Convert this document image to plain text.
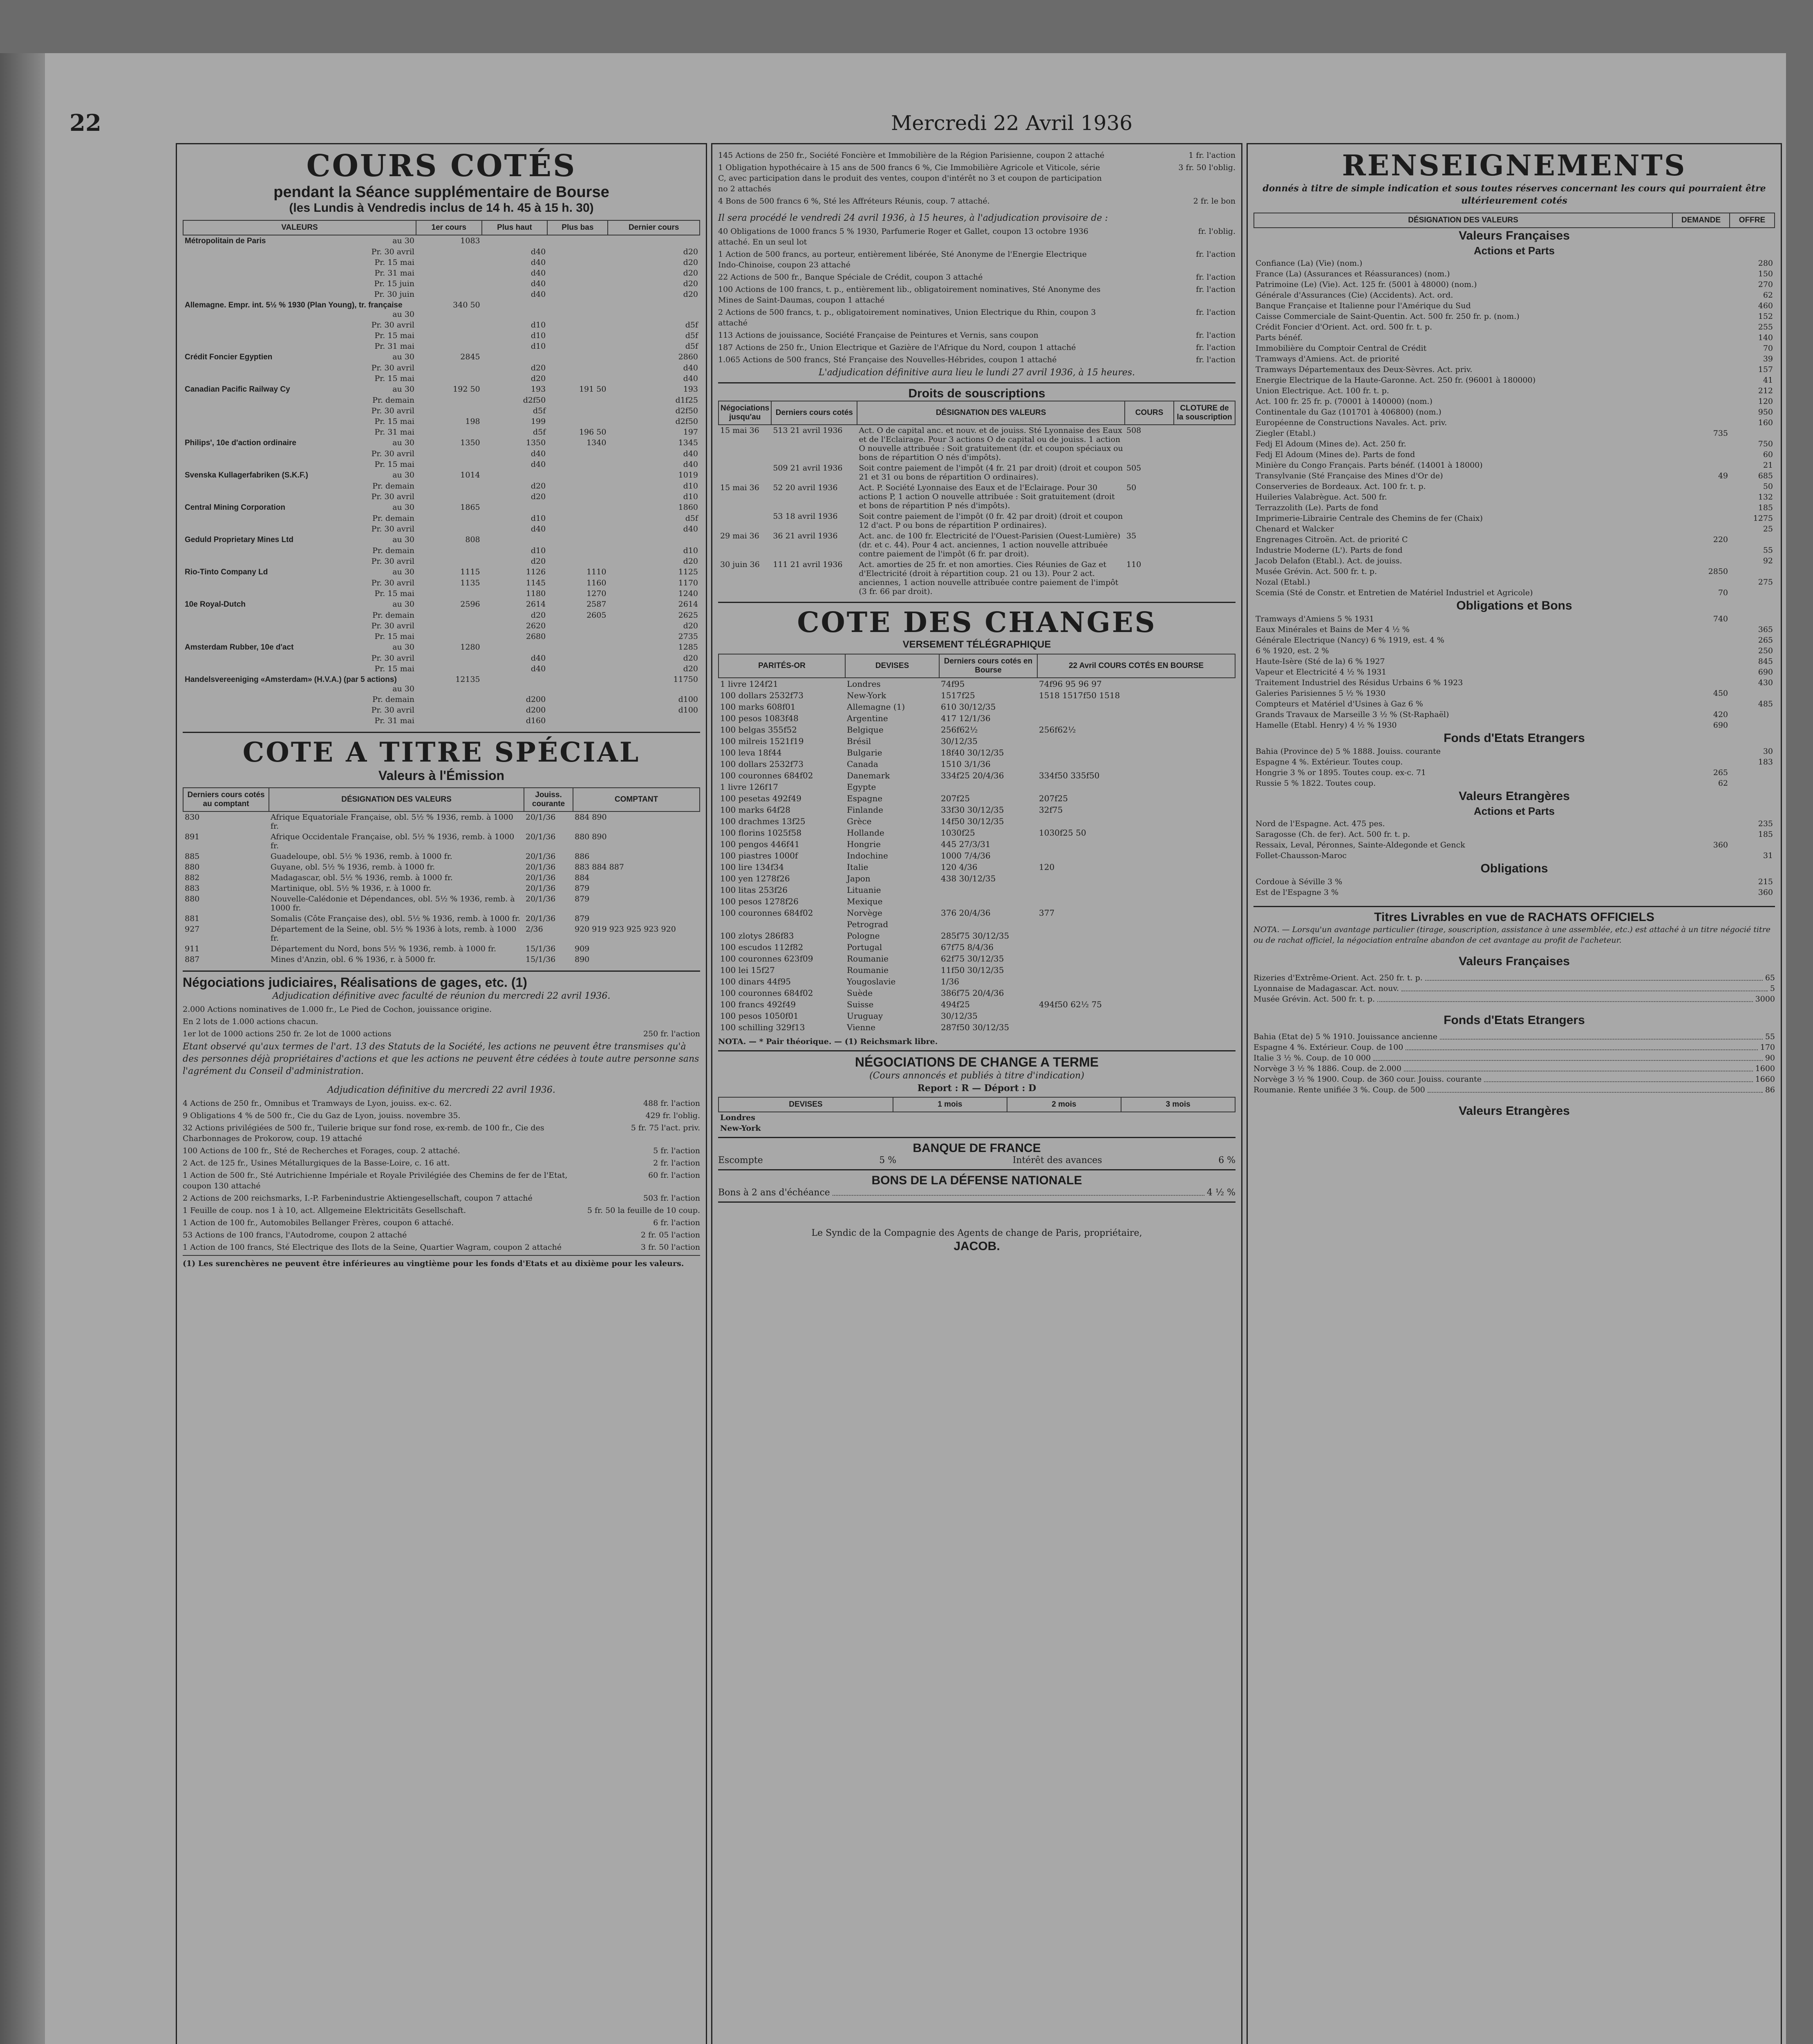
22	Mercredi 22 Avril 1936
COURS COTÉS
pendant la Séance supplémentaire de Bourse
(les Lundis à Vendredis inclus de 14 h. 45 à 15 h. 30)
VALEURS	1er cours	Plus haut	Plus bas	Dernier cours
Métropolitain de Paris au 30	1083			

Pr. 30 avril		d40		d20

Pr. 15 mai		d40		d20

Pr. 31 mai		d40		d20

Pr. 15 juin		d40		d20

Pr. 30 juin		d40		d20
Allemagne. Empr. int. 5½ % 1930 (Plan Young), tr. française
au 30	340 50			

Pr. 30 avril		d10		d5f

Pr. 15 mai		d10		d5f

Pr. 31 mai		d10		d5f
Crédit Foncier Egyptien au 30	2845			2860

Pr. 30 avril		d20		d40

Pr. 15 mai		d20		d40
Canadian Pacific Railway Cy au 30	192 50	193	191 50	193

Pr. demain		d2f50		d1f25

Pr. 30 avril		d5f		d2f50

Pr. 15 mai	198	199		d2f50

Pr. 31 mai		d5f	196 50	197
Philips', 10e d'action ordinaire au 30	1350	1350	1340	1345

Pr. 30 avril		d40		d40

Pr. 15 mai		d40		d40
Svenska Kullagerfabriken (S.K.F.) au 30	1014			1019

Pr. demain		d20		d10

Pr. 30 avril		d20		d10
Central Mining Corporation au 30	1865			1860

Pr. demain		d10		d5f

Pr. 30 avril		d40		d40
Geduld Proprietary Mines Ltd au 30	808			

Pr. demain		d10		d10

Pr. 30 avril		d20		d20
Rio-Tinto Company Ld au 30	1115	1126	1110	1125

Pr. 30 avril	1135	1145	1160	1170

Pr. 15 mai		1180	1270	1240
10e Royal-Dutch au 30	2596	2614	2587	2614

Pr. demain		d20	2605	2625

Pr. 30 avril		2620		d20

Pr. 15 mai		2680		2735
Amsterdam Rubber, 10e d'act au 30	1280			1285

Pr. 30 avril		d40		d20

Pr. 15 mai		d40		d20
Handelsvereeniging «Amsterdam» (H.V.A.) (par 5 actions)
au 30	12135			11750

Pr. demain		d200		d100

Pr. 30 avril		d200		d100

Pr. 31 mai		d160		
COTE A TITRE SPÉCIAL
Valeurs à l'Émission
Derniers cours cotés au comptant	DÉSIGNATION DES VALEURS	Jouiss. courante	COMPTANT
830	Afrique Equatoriale Française, obl. 5½ % 1936, remb. à 1000 fr.	20/1/36	884 890
891	Afrique Occidentale Française, obl. 5½ % 1936, remb. à 1000 fr.	20/1/36	880 890
885	Guadeloupe, obl. 5½ % 1936, remb. à 1000 fr.	20/1/36	886
880	Guyane, obl. 5½ % 1936, remb. à 1000 fr.	20/1/36	883 884 887
882	Madagascar, obl. 5½ % 1936, remb. à 1000 fr.	20/1/36	884
883	Martinique, obl. 5½ % 1936, r. à 1000 fr.	20/1/36	879
880	Nouvelle-Calédonie et Dépendances, obl. 5½ % 1936, remb. à 1000 fr.	20/1/36	879
881	Somalis (Côte Française des), obl. 5½ % 1936, remb. à 1000 fr.	20/1/36	879
927	Département de la Seine, obl. 5½ % 1936 à lots, remb. à 1000 fr.	2/36	920 919 923 925 923 920
911	Département du Nord, bons 5½ % 1936, remb. à 1000 fr.	15/1/36	909
887	Mines d'Anzin, obl. 6 % 1936, r. à 5000 fr.	15/1/36	890
Négociations judiciaires, Réalisations de gages, etc. (1)
Adjudication définitive avec faculté de réunion du mercredi 22 avril 1936.
2.000 Actions nominatives de 1.000 fr., Le Pied de Cochon, jouissance origine.
En 2 lots de 1.000 actions chacun.
1er lot de 1000 actions 250 fr. 2e lot de 1000 actions	250 fr. l'action
Etant observé qu'aux termes de l'art. 13 des Statuts de la Société, les actions ne peuvent être transmises qu'à des personnes déjà propriétaires d'actions et que les actions ne peuvent être cédées à toute autre personne sans l'agrément du Conseil d'administration.
Adjudication définitive du mercredi 22 avril 1936.
4 Actions de 250 fr., Omnibus et Tramways de Lyon, jouiss. ex-c. 62.	488 fr. l'action
9 Obligations 4 % de 500 fr., Cie du Gaz de Lyon, jouiss. novembre 35.	429 fr. l'oblig.
32 Actions privilégiées de 500 fr., Tuilerie brique sur fond rose, ex-remb. de 100 fr., Cie des Charbonnages de Prokorow, coup. 19 attaché
5 fr. 75 l'act. priv.
100 Actions de 100 fr., Sté de Recherches et Forages, coup. 2 attaché.	5 fr. l'action
2 Act. de 125 fr., Usines Métallurgiques de la Basse-Loire, c. 16 att.	2 fr. l'action
1 Action de 500 fr., Sté Autrichienne Impériale et Royale Privilégiée des Chemins de fer de l'Etat, coupon 130 attaché
60 fr. l'action
2 Actions de 200 reichsmarks, I.-P. Farbenindustrie Aktiengesellschaft, coupon 7 attaché	503 fr. l'action
1 Feuille de coup. nos 1 à 10, act. Allgemeine Elektricitäts Gesellschaft.	5 fr. 50 la feuille de 10 coup.
1 Action de 100 fr., Automobiles Bellanger Frères, coupon 6 attaché.	6 fr. l'action
53 Actions de 100 francs, l'Autodrome, coupon 2 attaché	2 fr. 05 l'action
1 Action de 100 francs, Sté Electrique des Ilots de la Seine, Quartier Wagram, coupon 2 attaché	3 fr. 50 l'action
(1) Les surenchères ne peuvent être inférieures au vingtième pour les fonds d'Etats et au dixième pour les valeurs.
145 Actions de 250 fr., Société Foncière et Immobilière de la Région Parisienne, coupon 2 attaché	1 fr. l'action
1 Obligation hypothécaire à 15 ans de 500 francs 6 %, Cie Immobilière Agricole et Viticole, série C, avec participation dans le produit des ventes, coupon d'intérêt no 3 et coupon de participation no 2 attachés
3 fr. 50 l'oblig.
4 Bons de 500 francs 6 %, Sté les Affréteurs Réunis, coup. 7 attaché.	2 fr. le bon
Il sera procédé le vendredi 24 avril 1936, à 15 heures, à l'adjudication provisoire de :
40 Obligations de 1000 francs 5 % 1930, Parfumerie Roger et Gallet, coupon 13 octobre 1936 attaché. En un seul lot
fr. l'oblig.
1 Action de 500 francs, au porteur, entièrement libérée, Sté Anonyme de l'Energie Electrique Indo-Chinoise, coupon 23 attaché
fr. l'action
22 Actions de 500 fr., Banque Spéciale de Crédit, coupon 3 attaché	fr. l'action
100 Actions de 100 francs, t. p., entièrement lib., obligatoirement nominatives, Sté Anonyme des Mines de Saint-Daumas, coupon 1 attaché
fr. l'action
2 Actions de 500 francs, t. p., obligatoirement nominatives, Union Electrique du Rhin, coupon 3 attaché
fr. l'action
113 Actions de jouissance, Société Française de Peintures et Vernis, sans coupon	fr. l'action
187 Actions de 250 fr., Union Electrique et Gazière de l'Afrique du Nord, coupon 1 attaché	fr. l'action
1.065 Actions de 500 francs, Sté Française des Nouvelles-Hébrides, coupon 1 attaché	fr. l'action
L'adjudication définitive aura lieu le lundi 27 avril 1936, à 15 heures.
Droits de souscriptions
Négociations jusqu'au	Derniers cours cotés	DÉSIGNATION DES VALEURS	COURS	CLOTURE de la souscription
15 mai 36	513 21 avril 1936	Act. O de capital anc. et nouv. et de jouiss. Sté Lyonnaise des Eaux et de l'Eclairage. Pour 3 actions O de capital ou de jouiss. 1 action O nouvelle attribuée : Soit gratuitement (dr. et coupon spéciaux ou bons de répartition O nés d'impôts).	508	
	509 21 avril 1936	Soit contre paiement de l'impôt (4 fr. 21 par droit) (droit et coupon 21 et 31 ou bons de répartition O ordinaires).	505	
15 mai 36	52 20 avril 1936	Act. P. Société Lyonnaise des Eaux et de l'Eclairage. Pour 30 actions P, 1 action O nouvelle attribuée : Soit gratuitement (droit et bons de répartition P nés d'impôts).	50	
	53 18 avril 1936	Soit contre paiement de l'impôt (0 fr. 42 par droit) (droit et coupon 12 d'act. P ou bons de répartition P ordinaires).		
29 mai 36	36 21 avril 1936	Act. anc. de 100 fr. Electricité de l'Ouest-Parisien (Ouest-Lumière) (dr. et c. 44). Pour 4 act. anciennes, 1 action nouvelle attribuée contre paiement de l'impôt (6 fr. par droit).	35	
30 juin 36	111 21 avril 1936	Act. amorties de 25 fr. et non amorties. Cies Réunies de Gaz et d'Electricité (droit à répartition coup. 21 ou 13). Pour 2 act. anciennes, 1 action nouvelle attribuée contre paiement de l'impôt (3 fr. 66 par droit).	110	
COTE DES CHANGES
VERSEMENT TÉLÉGRAPHIQUE
PARITÉS-OR	DEVISES	Derniers cours cotés en Bourse	22 Avril COURS COTÉS EN BOURSE
1 livre 124f21	Londres	74f95	74f96 95 96 97
100 dollars 2532f73	New-York	1517f25	1518 1517f50 1518
100 marks 608f01	Allemagne (1)	610 30/12/35	
100 pesos 1083f48	Argentine	417 12/1/36	
100 belgas 355f52	Belgique	256f62½	256f62½
100 milreis 1521f19	Brésil	30/12/35	
100 leva 18f44	Bulgarie	18f40 30/12/35	
100 dollars 2532f73	Canada	1510 3/1/36	
100 couronnes 684f02	Danemark	334f25 20/4/36	334f50 335f50
1 livre 126f17	Egypte		
100 pesetas 492f49	Espagne	207f25	207f25
100 marks 64f28	Finlande	33f30 30/12/35	32f75
100 drachmes 13f25	Grèce	14f50 30/12/35	
100 florins 1025f58	Hollande	1030f25	1030f25 50
100 pengos 446f41	Hongrie	445 27/3/31	
100 piastres 1000f	Indochine	1000 7/4/36	
100 lire 134f34	Italie	120 4/36	120
100 yen 1278f26	Japon	438 30/12/35	
100 litas 253f26	Lituanie		
100 pesos 1278f26	Mexique		
100 couronnes 684f02	Norvège	376 20/4/36	377
	Petrograd		
100 zlotys 286f83	Pologne	285f75 30/12/35	
100 escudos 112f82	Portugal	67f75 8/4/36	
100 couronnes 623f09	Roumanie	62f75 30/12/35	
100 lei 15f27	Roumanie	11f50 30/12/35	
100 dinars 44f95	Yougoslavie	1/36	
100 couronnes 684f02	Suède	386f75 20/4/36	
100 francs 492f49	Suisse	494f25	494f50 62½ 75
100 pesos 1050f01	Uruguay	30/12/35	
100 schilling 329f13	Vienne	287f50 30/12/35	
NOTA. — * Pair théorique. — (1) Reichsmark libre.
NÉGOCIATIONS DE CHANGE A TERME
(Cours annoncés et publiés à titre d'indication)
Report : R — Déport : D
DEVISES	1 mois	2 mois	3 mois
Londres			
New-York			
BANQUE DE FRANCE
Escompte	5 %	Intérêt des avances	6 %
BONS DE LA DÉFENSE NATIONALE
Bons à 2 ans d'échéance	4 ½ %
Le Syndic de la Compagnie des Agents de change de Paris, propriétaire,
JACOB.
RENSEIGNEMENTS
donnés à titre de simple indication et sous toutes réserves concernant les cours qui pourraient être ultérieurement cotés
DÉSIGNATION DES VALEURS	DEMANDE	OFFRE
Valeurs Françaises		
Actions et Parts		
Confiance (La) (Vie) (nom.)		280
France (La) (Assurances et Réassurances) (nom.)		150
Patrimoine (Le) (Vie). Act. 125 fr. (5001 à 48000) (nom.)		270
Générale d'Assurances (Cie) (Accidents). Act. ord.		62
Banque Française et Italienne pour l'Amérique du Sud		460
Caisse Commerciale de Saint-Quentin. Act. 500 fr. 250 fr. p. (nom.)		152
Crédit Foncier d'Orient. Act. ord. 500 fr. t. p.		255
Parts bénéf.		140
Immobilière du Comptoir Central de Crédit		70
Tramways d'Amiens. Act. de priorité		39
Tramways Départementaux des Deux-Sèvres. Act. priv.		157
Energie Electrique de la Haute-Garonne. Act. 250 fr. (96001 à 180000)		41
Union Electrique. Act. 100 fr. t. p.		212
Act. 100 fr. 25 fr. p. (70001 à 140000) (nom.)		120
Continentale du Gaz (101701 à 406800) (nom.)		950
Européenne de Constructions Navales. Act. priv.		160
Ziegler (Etabl.)	735	
Fedj El Adoum (Mines de). Act. 250 fr.		750
Fedj El Adoum (Mines de). Parts de fond		60
Minière du Congo Français. Parts bénéf. (14001 à 18000)		21
Transylvanie (Sté Française des Mines d'Or de)	49	685
Conserveries de Bordeaux. Act. 100 fr. t. p.		50
Huileries Valabrègue. Act. 500 fr.		132
Terrazzolith (Le). Parts de fond		185
Imprimerie-Librairie Centrale des Chemins de fer (Chaix)		1275
Chenard et Walcker		25
Engrenages Citroën. Act. de priorité C	220	
Industrie Moderne (L'). Parts de fond		55
Jacob Delafon (Etabl.). Act. de jouiss.		92
Musée Grévin. Act. 500 fr. t. p.	2850	
Nozal (Etabl.)		275
Scemia (Sté de Constr. et Entretien de Matériel Industriel et Agricole)	70	
Obligations et Bons		
Tramways d'Amiens 5 % 1931	740	
Eaux Minérales et Bains de Mer 4 ½ %		365
Générale Electrique (Nancy) 6 % 1919, est. 4 %		265
6 % 1920, est. 2 %		250
Haute-Isère (Sté de la) 6 % 1927		845
Vapeur et Electricité 4 ½ % 1931		690
Traitement Industriel des Résidus Urbains 6 % 1923		430
Galeries Parisiennes 5 ½ % 1930	450	
Compteurs et Matériel d'Usines à Gaz 6 %		485
Grands Travaux de Marseille 3 ½ % (St-Raphaël)	420	
Hamelle (Etabl. Henry) 4 ½ % 1930	690	
Fonds d'Etats Etrangers		
Bahia (Province de) 5 % 1888. Jouiss. courante		30
Espagne 4 %. Extérieur. Toutes coup.		183
Hongrie 3 % or 1895. Toutes coup. ex-c. 71	265	
Russie 5 % 1822. Toutes coup.	62	
Valeurs Etrangères		
Actions et Parts		
Nord de l'Espagne. Act. 475 pes.		235
Saragosse (Ch. de fer). Act. 500 fr. t. p.		185
Ressaix, Leval, Péronnes, Sainte-Aldegonde et Genck	360	
Follet-Chausson-Maroc		31
Obligations		
Cordoue à Séville 3 %		215
Est de l'Espagne 3 %		360
Titres Livrables en vue de RACHATS OFFICIELS
NOTA. — Lorsqu'un avantage particulier (tirage, souscription, assistance à une assemblée, etc.) est attaché à un titre négocié titre ou de rachat officiel, la négociation entraîne abandon de cet avantage au profit de l'acheteur.
Valeurs Françaises
Rizeries d'Extrême-Orient. Act. 250 fr. t. p.	65
Lyonnaise de Madagascar. Act. nouv.	5
Musée Grévin. Act. 500 fr. t. p.	3000
Fonds d'Etats Etrangers
Bahia (Etat de) 5 % 1910. Jouissance ancienne	55
Espagne 4 %. Extérieur. Coup. de 100	170
Italie 3 ½ %. Coup. de 10 000	90
Norvège 3 ½ % 1886. Coup. de 2.000	1600
Norvège 3 ½ % 1900. Coup. de 360 cour. Jouiss. courante	1660
Roumanie. Rente unifiée 3 %. Coup. de 500	86
Valeurs Etrangères
